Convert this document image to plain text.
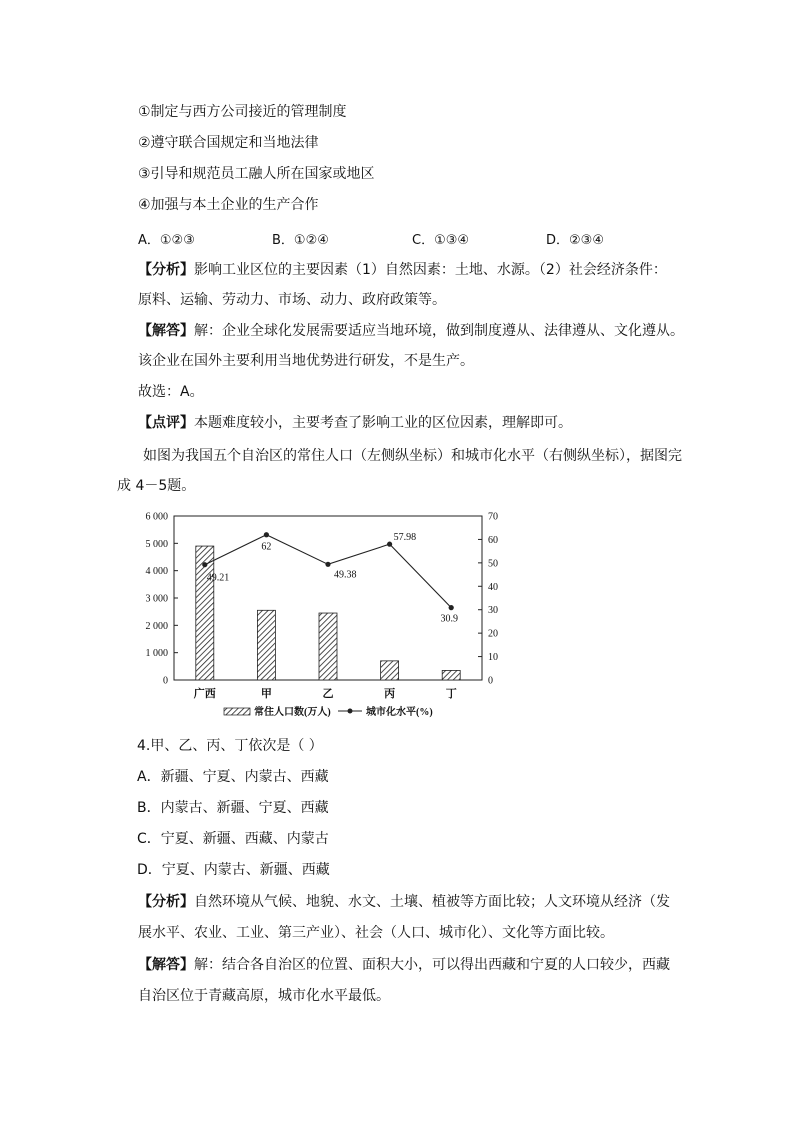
①制定与西方公司接近的管理制度
②遵守联合国规定和当地法律
③引导和规范员工融人所在国家或地区
④加强与本土企业的生产合作
A．①②③	B．①②④	C．①③④	D．②③④
【分析】影响工业区位的主要因素（1）自然因素：土地、水源。（2）社会经济条件：
原料、运输、劳动力、市场、动力、政府政策等。
【解答】解：企业全球化发展需要适应当地环境，做到制度遵从、法律遵从、文化遵从。
该企业在国外主要利用当地优势进行研发，不是生产。
故选：A。
【点评】本题难度较小，主要考查了影响工业的区位因素，理解即可。
如图为我国五个自治区的常住人口（左侧纵坐标）和城市化水平（右侧纵坐标），据图完
成 4－5题。
0
1 000
2 000
3 000
4 000
5 000
6 000
0
10
20
30
40
50
60
70
广西	甲	乙	丙	丁
49.21
62
49.38
57.98
30.9
常住人口数(万人)	城市化水平(%)
4.甲、乙、丙、丁依次是（ ）
A．新疆、宁夏、内蒙古、西藏
B．内蒙古、新疆、宁夏、西藏
C．宁夏、新疆、西藏、内蒙古
D．宁夏、内蒙古、新疆、西藏
【分析】自然环境从气候、地貌、水文、土壤、植被等方面比较；人文环境从经济（发
展水平、农业、工业、第三产业）、社会（人口、城市化）、文化等方面比较。
【解答】解：结合各自治区的位置、面积大小，可以得出西藏和宁夏的人口较少，西藏
自治区位于青藏高原，城市化水平最低。
